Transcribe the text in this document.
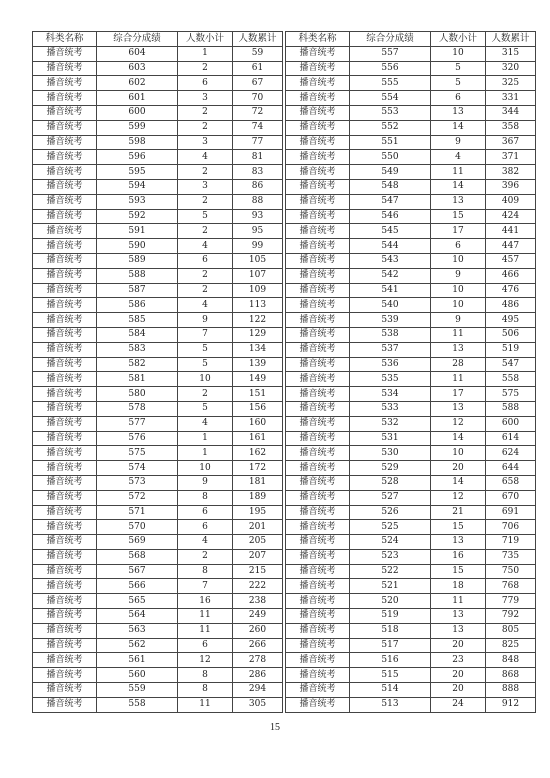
科类名称	综合分成绩	人数小计	人数累计
播音统考	604	1	59
播音统考	603	2	61
播音统考	602	6	67
播音统考	601	3	70
播音统考	600	2	72
播音统考	599	2	74
播音统考	598	3	77
播音统考	596	4	81
播音统考	595	2	83
播音统考	594	3	86
播音统考	593	2	88
播音统考	592	5	93
播音统考	591	2	95
播音统考	590	4	99
播音统考	589	6	105
播音统考	588	2	107
播音统考	587	2	109
播音统考	586	4	113
播音统考	585	9	122
播音统考	584	7	129
播音统考	583	5	134
播音统考	582	5	139
播音统考	581	10	149
播音统考	580	2	151
播音统考	578	5	156
播音统考	577	4	160
播音统考	576	1	161
播音统考	575	1	162
播音统考	574	10	172
播音统考	573	9	181
播音统考	572	8	189
播音统考	571	6	195
播音统考	570	6	201
播音统考	569	4	205
播音统考	568	2	207
播音统考	567	8	215
播音统考	566	7	222
播音统考	565	16	238
播音统考	564	11	249
播音统考	563	11	260
播音统考	562	6	266
播音统考	561	12	278
播音统考	560	8	286
播音统考	559	8	294
播音统考	558	11	305
科类名称	综合分成绩	人数小计	人数累计
播音统考	557	10	315
播音统考	556	5	320
播音统考	555	5	325
播音统考	554	6	331
播音统考	553	13	344
播音统考	552	14	358
播音统考	551	9	367
播音统考	550	4	371
播音统考	549	11	382
播音统考	548	14	396
播音统考	547	13	409
播音统考	546	15	424
播音统考	545	17	441
播音统考	544	6	447
播音统考	543	10	457
播音统考	542	9	466
播音统考	541	10	476
播音统考	540	10	486
播音统考	539	9	495
播音统考	538	11	506
播音统考	537	13	519
播音统考	536	28	547
播音统考	535	11	558
播音统考	534	17	575
播音统考	533	13	588
播音统考	532	12	600
播音统考	531	14	614
播音统考	530	10	624
播音统考	529	20	644
播音统考	528	14	658
播音统考	527	12	670
播音统考	526	21	691
播音统考	525	15	706
播音统考	524	13	719
播音统考	523	16	735
播音统考	522	15	750
播音统考	521	18	768
播音统考	520	11	779
播音统考	519	13	792
播音统考	518	13	805
播音统考	517	20	825
播音统考	516	23	848
播音统考	515	20	868
播音统考	514	20	888
播音统考	513	24	912
15
